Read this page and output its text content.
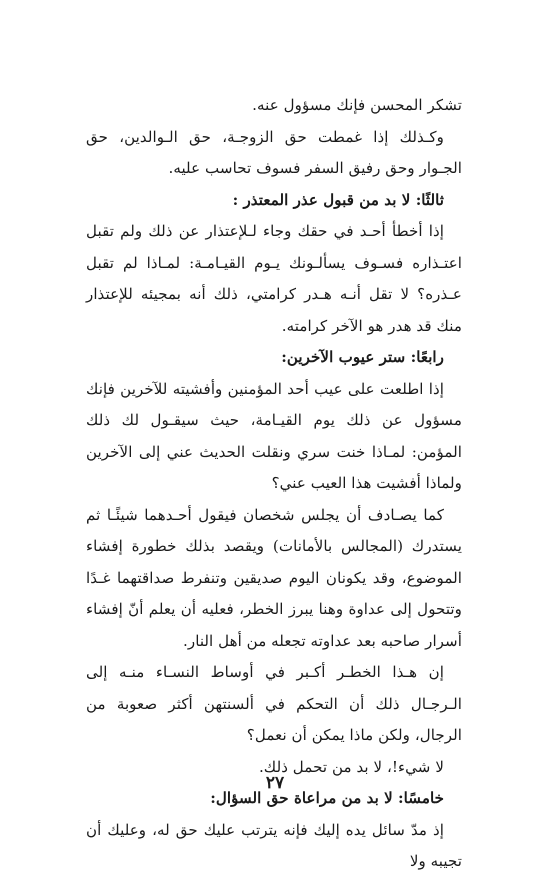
تشكر المحسن فإنك مسؤول عنه.

وكـذلك إذا غمطت حق الزوجـة، حق الـوالدين، حق الجـوار وحق رفيق السفر فسوف تحاسب عليه.

ثالثًا: لا بد من قبول عذر المعتذر :

إذا أخطأ أحـد في حقك وجاء لـلإعتذار عن ذلك ولم تقبل اعتـذاره فسـوف يسألـونك يـوم القيـامـة: لمـاذا لم تقبل عـذره؟ لا تقل أنـه هـدر كرامتي، ذلك أنه بمجيئه للإعتذار منك قد هدر هو الآخر كرامته.

رابعًا: ستر عيوب الآخرين:

إذا اطلعت على عيب أحد المؤمنين وأفشيته للآخرين فإنك مسؤول عن ذلك يوم القيـامة، حيث سيقـول لك ذلك المؤمن: لمـاذا خنت سري ونقلت الحديث عني إلى الآخرين ولماذا أفشيت هذا العيب عني؟

كما يصـادف أن يجلس شخصان فيقول أحـدهما شيئًـا ثم يستدرك (المجالس بالأمانات) ويقصد بذلك خطورة إفشاء الموضوع، وقد يكونان اليوم صديقين وتنفرط صداقتهما غـدًا وتتحول إلى عداوة وهنا يبرز الخطر، فعليه أن يعلم أنّ إفشاء أسرار صاحبه بعد عداوته تجعله من أهل النار.

إن هـذا الخطـر أكـبر في أوساط النسـاء منـه إلى الـرجـال ذلك أن التحكم في ألسنتهن أكثر صعوبة من الرجال، ولكن ماذا يمكن أن نعمل؟

لا شيء!، لا بد من تحمل ذلك.

خامسًا: لا بد من مراعاة حق السؤال:

إذ مدّ سائل يده إليك فإنه يترتب عليك حق له، وعليك أن تجيبه ولا

٢٧
